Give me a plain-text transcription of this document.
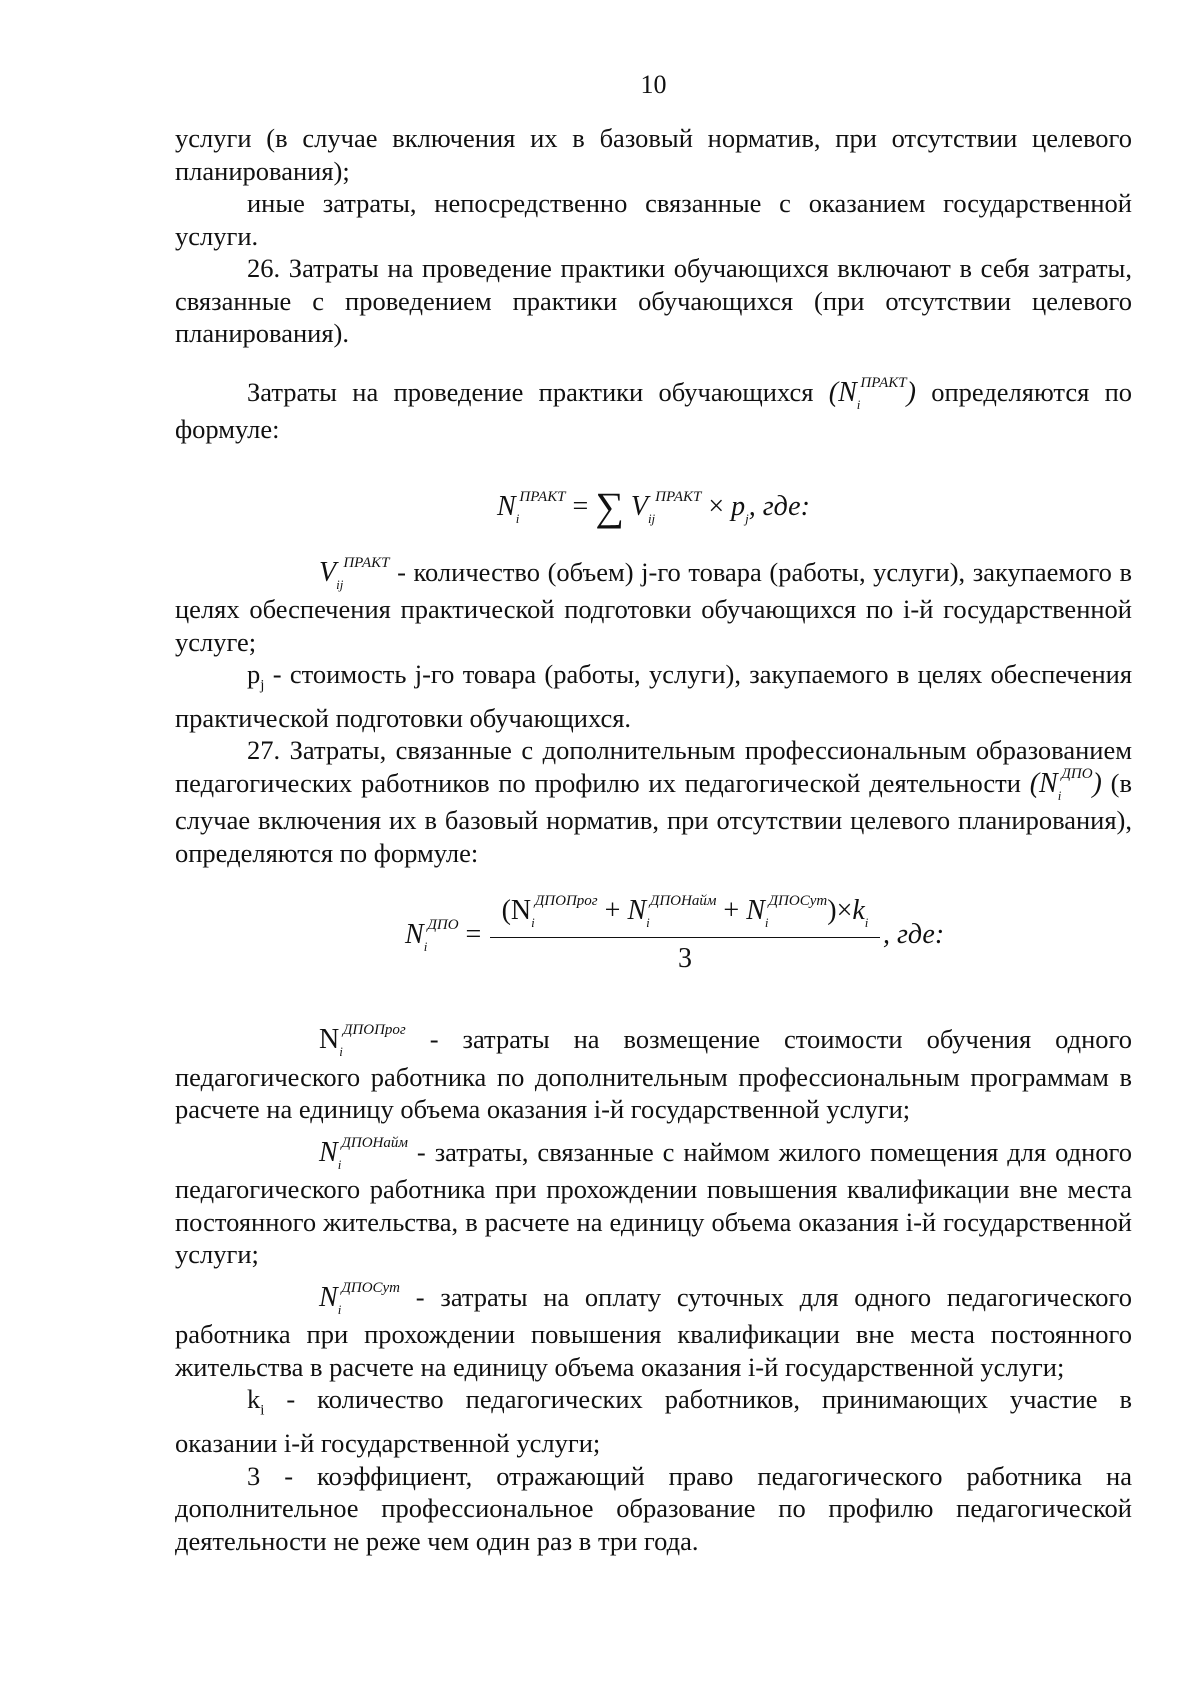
10

услуги (в случае включения их в базовый норматив, при отсутствии целевого планирования);

иные затраты, непосредственно связанные с оказанием государственной услуги.

26. Затраты на проведение практики обучающихся включают в себя затраты, связанные с проведением практики обучающихся (при отсутствии целевого планирования).

Затраты на проведение практики обучающихся $(N_i^{ПРАКТ})$ определяются по формуле:

$N_i^{ПРАКТ}$ = ∑ $V_{ij}^{ПРАКТ} \times p_j$, где:

$V_{ij}^{ПРАКТ}$ - количество (объем) j-го товара (работы, услуги), закупаемого в целях обеспечения практической подготовки обучающихся по i-й государственной услуге;

$p_j$ - стоимость j-го товара (работы, услуги), закупаемого в целях обеспечения практической подготовки обучающихся.

27. Затраты, связанные с дополнительным профессиональным образованием педагогических работников по профилю их педагогической деятельности $(N_i^{ДПО})$ (в случае включения их в базовый норматив, при отсутствии целевого планирования), определяются по формуле:

$N_i^{ДПО}$ =
$(N_i^{ДПОПрог} + N_i^{ДПОНайм} + N_i^{ДПОСут})\times k_i$
3
, где:

$N_i^{ДПОПрог}$ - затраты на возмещение стоимости обучения одного педагогического работника по дополнительным профессиональным программам в расчете на единицу объема оказания i-й государственной услуги;

$N_i^{ДПОНайм}$ - затраты, связанные с наймом жилого помещения для одного педагогического работника при прохождении повышения квалификации вне места постоянного жительства, в расчете на единицу объема оказания i-й государственной услуги;

$N_i^{ДПОСут}$ - затраты на оплату суточных для одного педагогического работника при прохождении повышения квалификации вне места постоянного жительства в расчете на единицу объема оказания i-й государственной услуги;

$k_i$ - количество педагогических работников, принимающих участие в оказании i-й государственной услуги;

3 - коэффициент, отражающий право педагогического работника на дополнительное профессиональное образование по профилю педагогической деятельности не реже чем один раз в три года.
